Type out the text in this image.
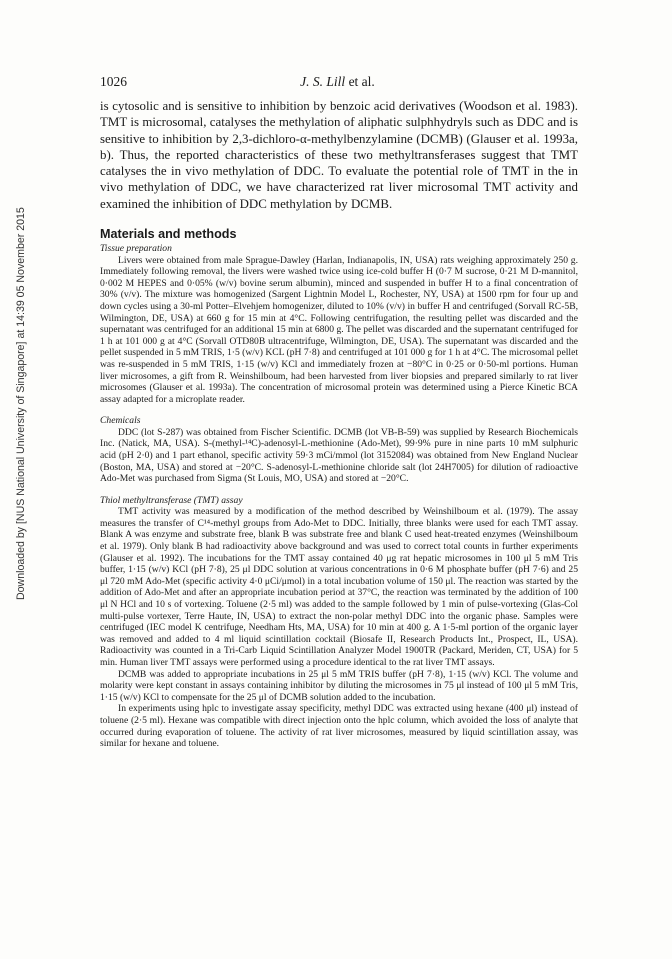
Downloaded by [NUS National University of Singapore] at 14:39 05 November 2015
1026	J. S. Lill et al.

is cytosolic and is sensitive to inhibition by benzoic acid derivatives (Woodson et al. 1983). TMT is microsomal, catalyses the methylation of aliphatic sulphhydryls such as DDC and is sensitive to inhibition by 2,3-dichloro-α-methylbenzylamine (DCMB) (Glauser et al. 1993a, b). Thus, the reported characteristics of these two methyltransferases suggest that TMT catalyses the in vivo methylation of DDC. To evaluate the potential role of TMT in the in vivo methylation of DDC, we have characterized rat liver microsomal TMT activity and examined the inhibition of DDC methylation by DCMB.

Materials and methods
Tissue preparation

Livers were obtained from male Sprague-Dawley (Harlan, Indianapolis, IN, USA) rats weighing approximately 250 g. Immediately following removal, the livers were washed twice using ice-cold buffer H (0·7 M sucrose, 0·21 M D-mannitol, 0·002 M HEPES and 0·05% (w/v) bovine serum albumin), minced and suspended in buffer H to a final concentration of 30% (v/v). The mixture was homogenized (Sargent Lightnin Model L, Rochester, NY, USA) at 1500 rpm for four up and down cycles using a 30-ml Potter–Elvehjem homogenizer, diluted to 10% (v/v) in buffer H and centrifuged (Sorvall RC-5B, Wilmington, DE, USA) at 660 g for 15 min at 4°C. Following centrifugation, the resulting pellet was discarded and the supernatant was centrifuged for an additional 15 min at 6800 g. The pellet was discarded and the supernatant centrifuged for 1 h at 101 000 g at 4°C (Sorvall OTD80B ultracentrifuge, Wilmington, DE, USA). The supernatant was discarded and the pellet suspended in 5 mM TRIS, 1·5 (w/v) KCL (pH 7·8) and centrifuged at 101 000 g for 1 h at 4°C. The microsomal pellet was re-suspended in 5 mM TRIS, 1·15 (w/v) KCl and immediately frozen at −80°C in 0·25 or 0·50-ml portions. Human liver microsomes, a gift from R. Weinshilboum, had been harvested from liver biopsies and prepared similarly to rat liver microsomes (Glauser et al. 1993a). The concentration of microsomal protein was determined using a Pierce Kinetic BCA assay adapted for a microplate reader.

Chemicals

DDC (lot S-287) was obtained from Fischer Scientific. DCMB (lot VB-B-59) was supplied by Research Biochemicals Inc. (Natick, MA, USA). S-(methyl-¹⁴C)-adenosyl-L-methionine (Ado-Met), 99·9% pure in nine parts 10 mM sulphuric acid (pH 2·0) and 1 part ethanol, specific activity 59·3 mCi/mmol (lot 3152084) was obtained from New England Nuclear (Boston, MA, USA) and stored at −20°C. S-adenosyl-L-methionine chloride salt (lot 24H7005) for dilution of radioactive Ado-Met was purchased from Sigma (St Louis, MO, USA) and stored at −20°C.

Thiol methyltransferase (TMT) assay

TMT activity was measured by a modification of the method described by Weinshilboum et al. (1979). The assay measures the transfer of C¹⁴-methyl groups from Ado-Met to DDC. Initially, three blanks were used for each TMT assay. Blank A was enzyme and substrate free, blank B was substrate free and blank C used heat-treated enzymes (Weinshilboum et al. 1979). Only blank B had radioactivity above background and was used to correct total counts in further experiments (Glauser et al. 1992). The incubations for the TMT assay contained 40 μg rat hepatic microsomes in 100 μl 5 mM Tris buffer, 1·15 (w/v) KCl (pH 7·8), 25 μl DDC solution at various concentrations in 0·6 M phosphate buffer (pH 7·6) and 25 μl 720 mM Ado-Met (specific activity 4·0 μCi/μmol) in a total incubation volume of 150 μl. The reaction was started by the addition of Ado-Met and after an appropriate incubation period at 37°C, the reaction was terminated by the addition of 100 μl N HCl and 10 s of vortexing. Toluene (2·5 ml) was added to the sample followed by 1 min of pulse-vortexing (Glas-Col multi-pulse vortexer, Terre Haute, IN, USA) to extract the non-polar methyl DDC into the organic phase. Samples were centrifuged (IEC model K centrifuge, Needham Hts, MA, USA) for 10 min at 400 g. A 1·5-ml portion of the organic layer was removed and added to 4 ml liquid scintillation cocktail (Biosafe II, Research Products Int., Prospect, IL, USA). Radioactivity was counted in a Tri-Carb Liquid Scintillation Analyzer Model 1900TR (Packard, Meriden, CT, USA) for 5 min. Human liver TMT assays were performed using a procedure identical to the rat liver TMT assays.

DCMB was added to appropriate incubations in 25 μl 5 mM TRIS buffer (pH 7·8), 1·15 (w/v) KCl. The volume and molarity were kept constant in assays containing inhibitor by diluting the microsomes in 75 μl instead of 100 μl 5 mM Tris, 1·15 (w/v) KCl to compensate for the 25 μl of DCMB solution added to the incubation.

In experiments using hplc to investigate assay specificity, methyl DDC was extracted using hexane (400 μl) instead of toluene (2·5 ml). Hexane was compatible with direct injection onto the hplc column, which avoided the loss of analyte that occurred during evaporation of toluene. The activity of rat liver microsomes, measured by liquid scintillation assay, was similar for hexane and toluene.
